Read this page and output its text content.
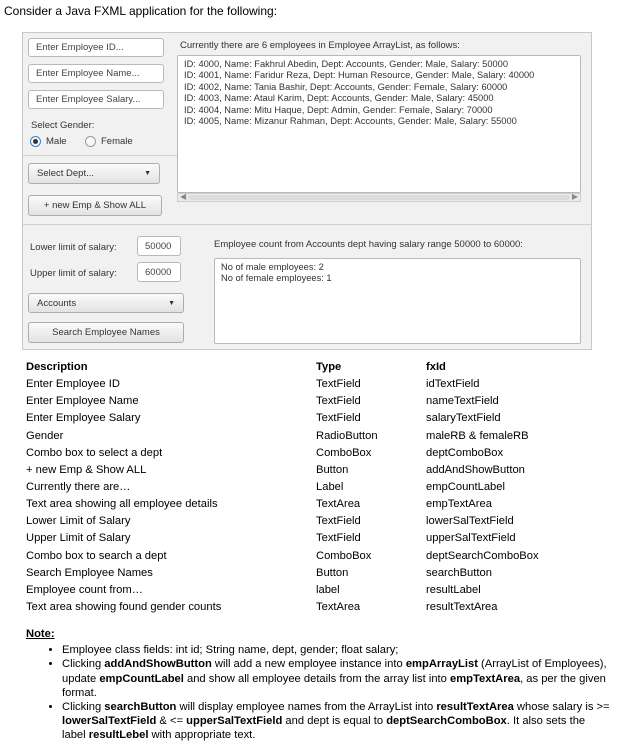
Consider a Java FXML application for the following:
Enter Employee ID...
Enter Employee Name...
Enter Employee Salary...
Select Gender:
Male	Female
Select Dept...	▼
+ new Emp & Show ALL
Currently there are 6 employees in Employee ArrayList, as follows:
ID: 4000, Name: Fakhrul Abedin, Dept: Accounts, Gender: Male, Salary: 50000
ID: 4001, Name: Faridur Reza, Dept: Human Resource, Gender: Male, Salary: 40000
ID: 4002, Name: Tania Bashir, Dept: Accounts, Gender: Female, Salary: 60000
ID: 4003, Name: Ataul Karim, Dept: Accounts, Gender: Male, Salary: 45000
ID: 4004, Name: Mitu Haque, Dept: Admin, Gender: Female, Salary: 70000
ID: 4005, Name: Mizanur Rahman, Dept: Accounts, Gender: Male, Salary: 55000
◀	▶
Lower limit of salary:	50000
Upper limit of salary:	60000
Accounts	▼
Search Employee Names
Employee count from Accounts dept having salary range 50000 to 60000:
No of male employees: 2
No of female employees: 1
Description	Type	fxId
Enter Employee ID	TextField	idTextField
Enter Employee Name	TextField	nameTextField
Enter Employee Salary	TextField	salaryTextField
Gender	RadioButton	maleRB & femaleRB
Combo box to select a dept	ComboBox	deptComboBox
+ new Emp & Show ALL	Button	addAndShowButton
Currently there are…	Label	empCountLabel
Text area showing all employee details	TextArea	empTextArea
Lower Limit of Salary	TextField	lowerSalTextField
Upper Limit of Salary	TextField	upperSalTextField
Combo box to search a dept	ComboBox	deptSearchComboBox
Search Employee Names	Button	searchButton
Employee count from…	label	resultLabel
Text area showing found gender counts	TextArea	resultTextArea
Note:
• Employee class fields: int id; String name, dept, gender; float salary;
• Clicking addAndShowButton will add a new employee instance into empArrayList (ArrayList of Employees), update empCountLabel and show all employee details from the array list into empTextArea, as per the given format.
• Clicking searchButton will display employee names from the ArrayList into resultTextArea whose salary is >= lowerSalTextField & <= upperSalTextField and dept is equal to deptSearchComboBox. It also sets the label resultLebel with appropriate text.
